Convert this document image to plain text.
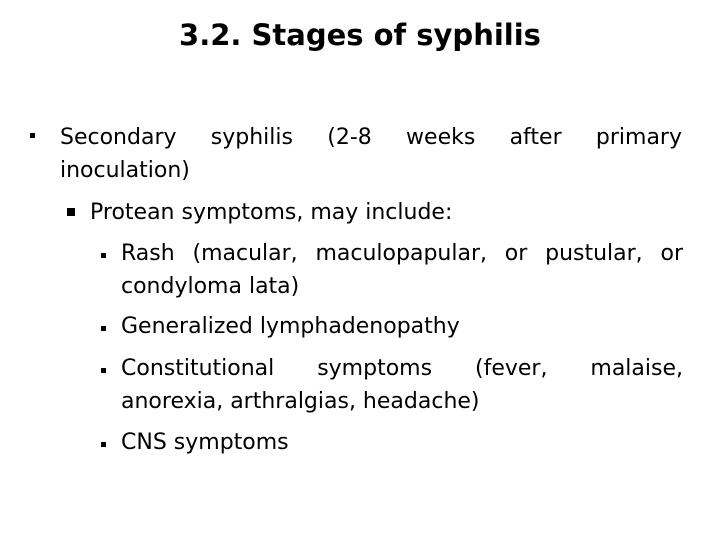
3.2. Stages of syphilis
Secondary syphilis (2-8 weeks after primary inoculation)
Protean symptoms, may include:
Rash (macular, maculopapular, or pustular, or condyloma lata)
Generalized lymphadenopathy
Constitutional symptoms (fever, malaise, anorexia, arthralgias, headache)
CNS symptoms
